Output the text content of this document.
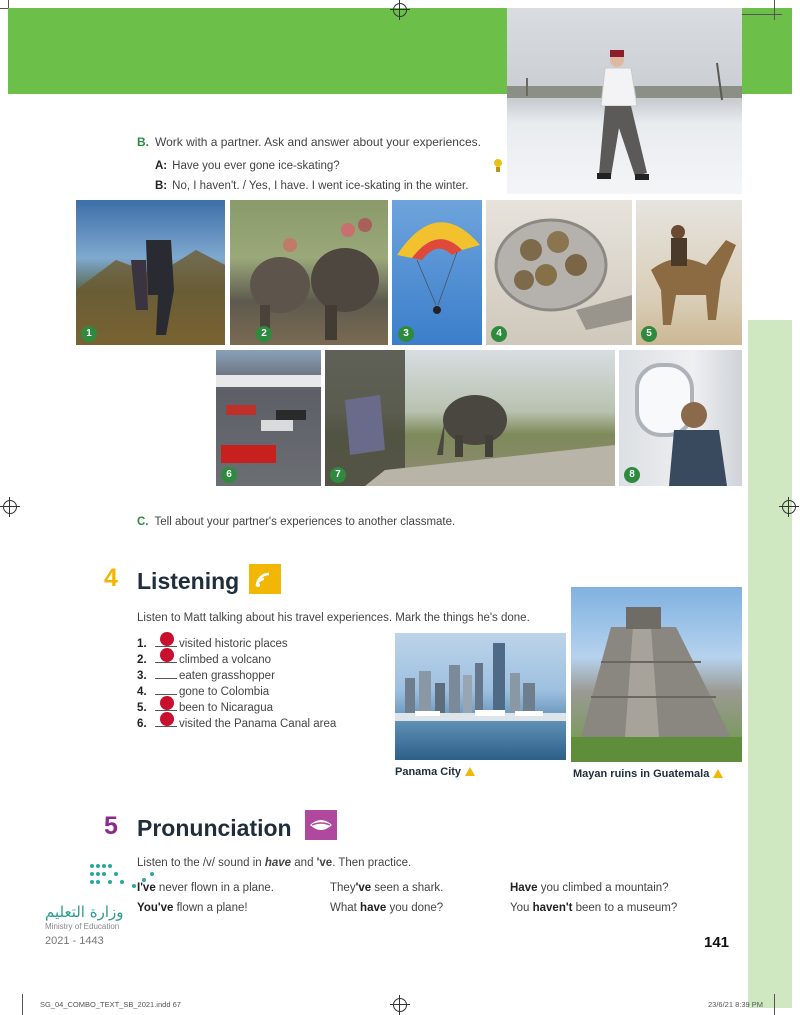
B. Work with a partner. Ask and answer about your experiences.
A: Have you ever gone ice-skating?
B: No, I haven't. / Yes, I have. I went ice-skating in the winter.
1	2	3	4	5
6	7	8
C. Tell about your partner's experiences to another classmate.
4 Listening
Listen to Matt talking about his travel experiences. Mark the things he's done.
1.	visited historic places
2.	climbed a volcano
3.	eaten grasshopper
4.	gone to Colombia
5.	been to Nicaragua
6.	visited the Panama Canal area
Panama City	Mayan ruins in Guatemala
5 Pronunciation
Listen to the /v/ sound in have and 've. Then practice.
I've never flown in a plane.
You've flown a plane!
They've seen a shark.
What have you done?
Have you climbed a mountain?
You haven't been to a museum?
وزارة التعليم
Ministry of Education
2021 - 1443	141
SG_04_COMBO_TEXT_SB_2021.indd 67	23/6/21 8:39 PM
